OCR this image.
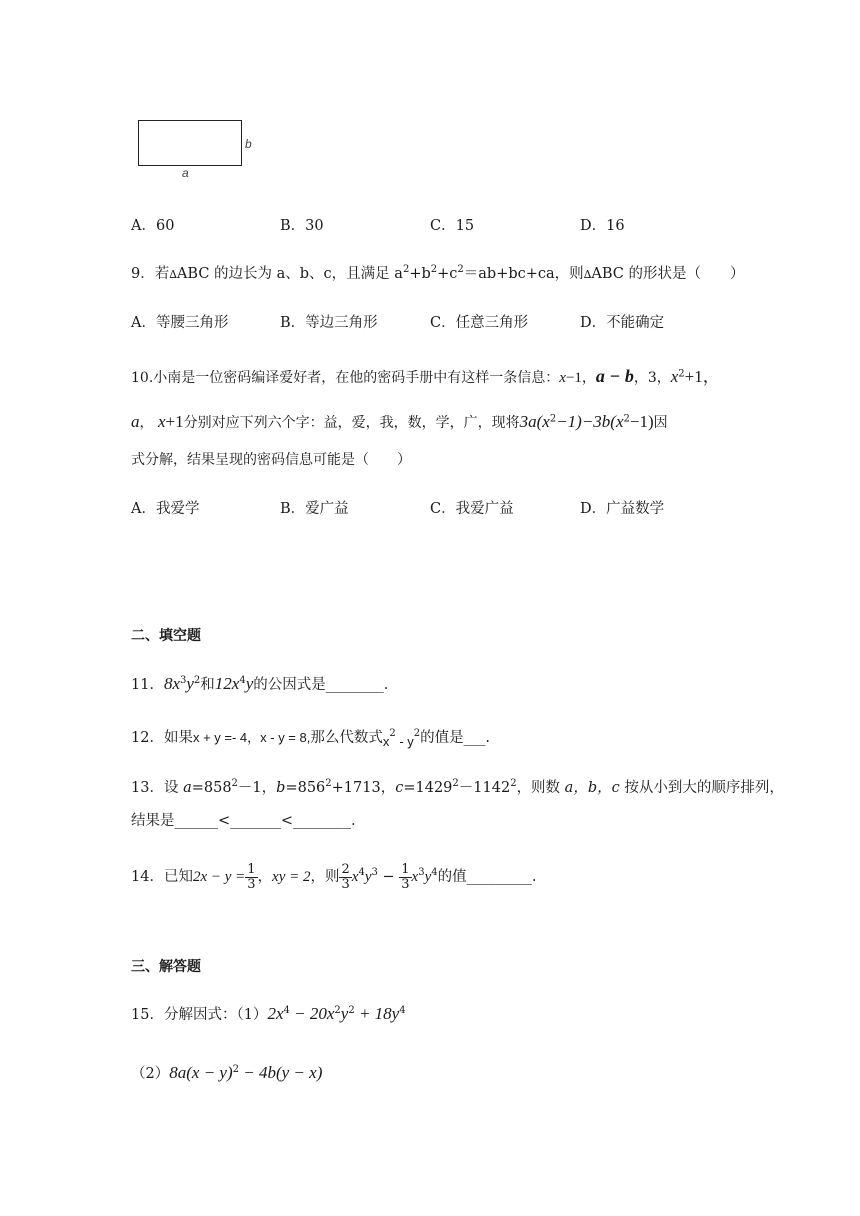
b
a
A．60	B．30	C．15	D．16
9．若∆ABC 的边长为 a、b、c，且满足 $a^2+b^2+c^2=ab+bc+ca$，则∆ABC 的形状是（　　）
A．等腰三角形	B．等边三角形	C．任意三角形	D．不能确定
10.小南是一位密码编译爱好者，在他的密码手册中有这样一条信息：x−1，a − b，3，$x^2+1$，
a， x+1分别对应下列六个字：益，爱，我，数，学，广，现将$3a(x^2-1)-3b(x^2-1)$因
式分解，结果呈现的密码信息可能是（　　）
A．我爱学	B．爱广益	C．我爱广益	D．广益数学
二、填空题
11．$8x^3y^2$和$12x^4y$的公因式是________.
12．如果x + y =- 4，x - y = 8,那么代数式$x^2 - y^2$的值是___.
13．设 $a=858^2-1$，$b=856^2+1713$，$c=1429^2-1142^2$，则数 a，b，c 按从小到大的顺序排列，
结果是______<_______<________.
14．已知$2x - y = \frac{1}{3}$ ，xy = 2，则 $\frac{2}{3} x^4y^3 - \frac{1}{3} x^3y^4$的值_________.
三、解答题
15．分解因式：$(1)2x^4 - 20x^2y^2 + 18y^4$
$(2)8a(x - y)^2 - 4b(y - x)$
